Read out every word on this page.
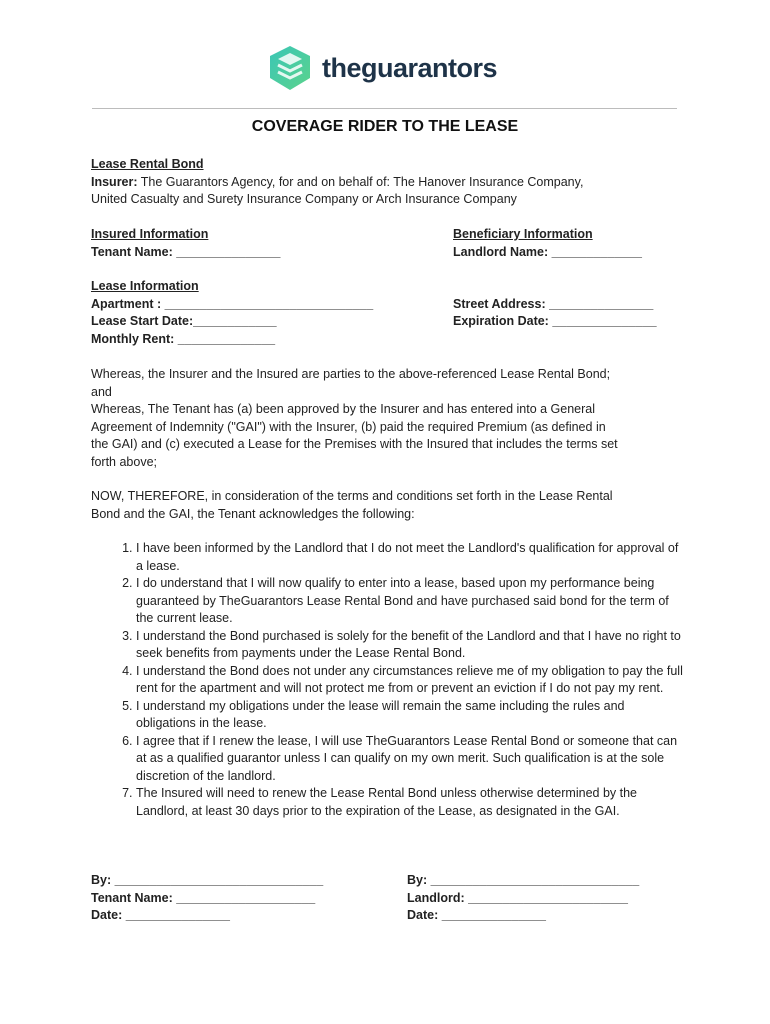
theguarantors
COVERAGE RIDER TO THE LEASE
Lease Rental Bond
Insurer: The Guarantors Agency, for and on behalf of: The Hanover Insurance Company,
United Casualty and Surety Insurance Company or Arch Insurance Company
Insured Information
Tenant Name: _______________
Beneficiary Information
Landlord Name: _____________
Lease Information
Apartment : ______________________________
Lease Start Date:____________
Monthly Rent: ______________
Street Address: _______________
Expiration Date: _______________
Whereas, the Insurer and the Insured are parties to the above-referenced Lease Rental Bond;
and
Whereas, The Tenant has (a) been approved by the Insurer and has entered into a General
Agreement of Indemnity ("GAI") with the Insurer, (b) paid the required Premium (as defined in
the GAI) and (c) executed a Lease for the Premises with the Insured that includes the terms set
forth above;
NOW, THEREFORE, in consideration of the terms and conditions set forth in the Lease Rental
Bond and the GAI, the Tenant acknowledges the following:
1. I have been informed by the Landlord that I do not meet the Landlord's qualification for approval of a lease.
2. I do understand that I will now qualify to enter into a lease, based upon my performance being guaranteed by TheGuarantors Lease Rental Bond and have purchased said bond for the term of the current lease.
3. I understand the Bond purchased is solely for the benefit of the Landlord and that I have no right to seek benefits from payments under the Lease Rental Bond.
4. I understand the Bond does not under any circumstances relieve me of my obligation to pay the full rent for the apartment and will not protect me from or prevent an eviction if I do not pay my rent.
5. I understand my obligations under the lease will remain the same including the rules and obligations in the lease.
6. I agree that if I renew the lease, I will use TheGuarantors Lease Rental Bond or someone that can at as a qualified guarantor unless I can qualify on my own merit. Such qualification is at the sole discretion of the landlord.
7. The Insured will need to renew the Lease Rental Bond unless otherwise determined by the Landlord, at least 30 days prior to the expiration of the Lease, as designated in the GAI.
By: ______________________________
Tenant Name: ____________________
Date: _______________
By: ______________________________
Landlord: _______________________
Date: _______________
